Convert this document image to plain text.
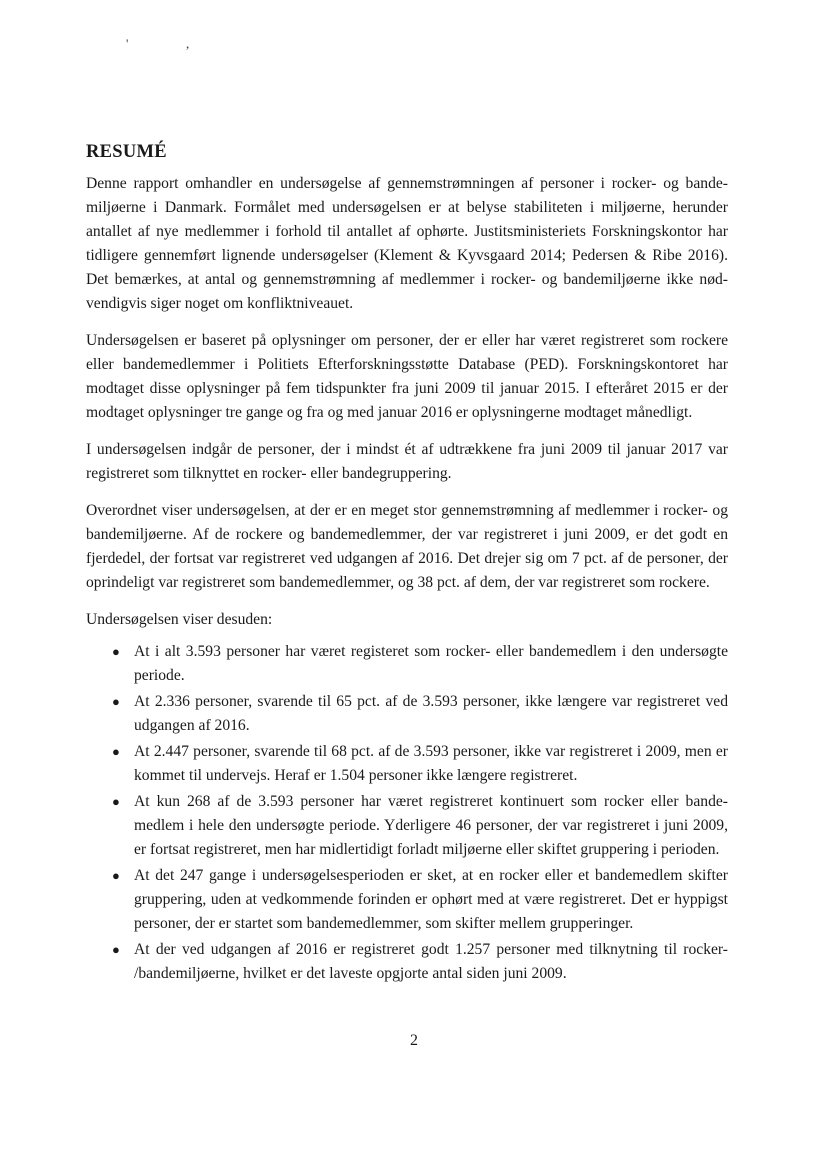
'	,
RESUMÉ

Denne rapport omhandler en undersøgelse af gennemstrømningen af personer i rocker- og bandemiljøerne i Danmark. Formålet med undersøgelsen er at belyse stabiliteten i miljøerne, herunder antallet af nye medlemmer i forhold til antallet af ophørte. Justitsministeriets Forskningskontor har tidligere gennemført lignende undersøgelser (Klement & Kyvsgaard 2014; Pedersen & Ribe 2016). Det bemærkes, at antal og gennemstrømning af medlemmer i rocker- og bandemiljøerne ikke nødvendigvis siger noget om konfliktniveauet.

Undersøgelsen er baseret på oplysninger om personer, der er eller har været registreret som rockere eller bandemedlemmer i Politiets Efterforskningsstøtte Database (PED). Forskningskontoret har modtaget disse oplysninger på fem tidspunkter fra juni 2009 til januar 2015. I efteråret 2015 er der modtaget oplysninger tre gange og fra og med januar 2016 er oplysningerne modtaget månedligt.

I undersøgelsen indgår de personer, der i mindst ét af udtrækkene fra juni 2009 til januar 2017 var registreret som tilknyttet en rocker- eller bandegruppering.

Overordnet viser undersøgelsen, at der er en meget stor gennemstrømning af medlemmer i rocker- og bandemiljøerne. Af de rockere og bandemedlemmer, der var registreret i juni 2009, er det godt en fjerdedel, der fortsat var registreret ved udgangen af 2016. Det drejer sig om 7 pct. af de personer, der oprindeligt var registreret som bandemedlemmer, og 38 pct. af dem, der var registreret som rockere.

Undersøgelsen viser desuden:

● At i alt 3.593 personer har været registeret som rocker- eller bandemedlem i den undersøgte periode.
● At 2.336 personer, svarende til 65 pct. af de 3.593 personer, ikke længere var registreret ved udgangen af 2016.
● At 2.447 personer, svarende til 68 pct. af de 3.593 personer, ikke var registreret i 2009, men er kommet til undervejs. Heraf er 1.504 personer ikke længere registreret.
● At kun 268 af de 3.593 personer har været registreret kontinuert som rocker eller bandemedlem i hele den undersøgte periode. Yderligere 46 personer, der var registreret i juni 2009, er fortsat registreret, men har midlertidigt forladt miljøerne eller skiftet gruppering i perioden.
● At det 247 gange i undersøgelsesperioden er sket, at en rocker eller et bandemedlem skifter gruppering, uden at vedkommende forinden er ophørt med at være registreret. Det er hyppigst personer, der er startet som bandemedlemmer, som skifter mellem grupperinger.
● At der ved udgangen af 2016 er registreret godt 1.257 personer med tilknytning til rocker- /bandemiljøerne, hvilket er det laveste opgjorte antal siden juni 2009.
2
